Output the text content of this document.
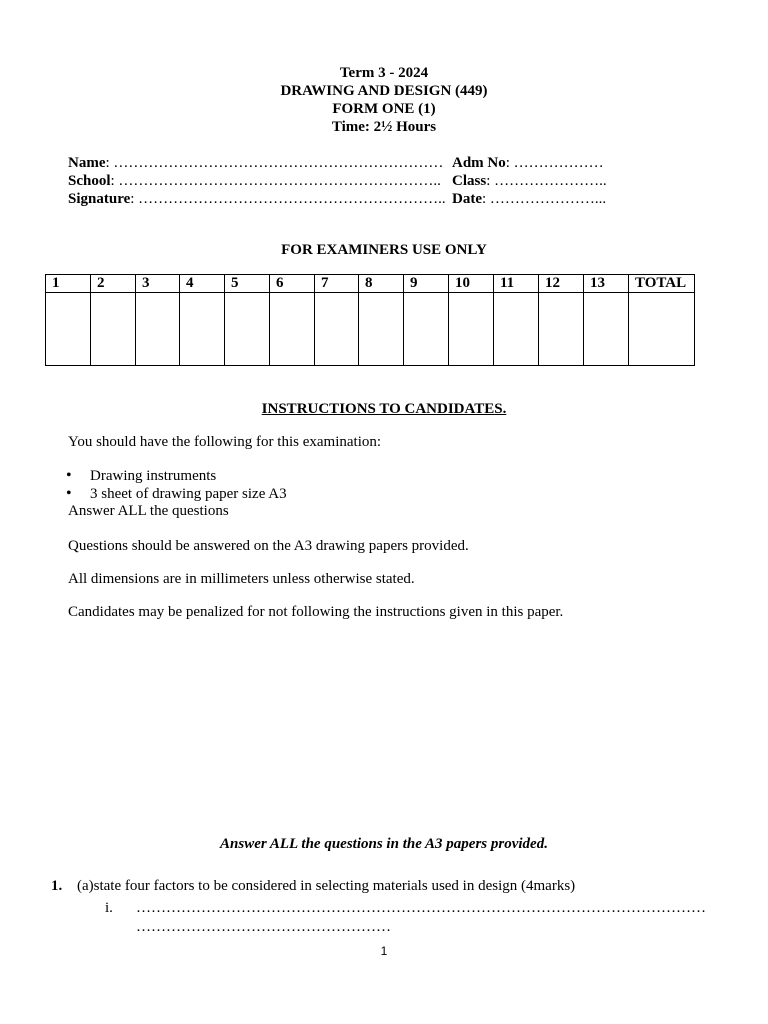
Term 3 - 2024
DRAWING AND DESIGN (449)
FORM ONE (1)
Time: 2½ Hours
Name: ………………………………………………………… Adm No: ………………
School: ……………………………………………………….. Class: …………………..
Signature: …………………………………………………….. Date: …………………...
FOR EXAMINERS USE ONLY
1	2	3	4	5	6	7	8	9	10	11	12	13	TOTAL

INSTRUCTIONS TO CANDIDATES.
You should have the following for this examination:
• Drawing instruments
• 3 sheet of drawing paper size A3
Answer ALL the questions
Questions should be answered on the A3 drawing papers provided.
All dimensions are in millimeters unless otherwise stated.
Candidates may be penalized for not following the instructions given in this paper.
Answer ALL the questions in the A3 papers provided.
1. (a)state four factors to be considered in selecting materials used in design (4marks)
i. ……………………………………………………………………………………………………
……………………………………………
1
